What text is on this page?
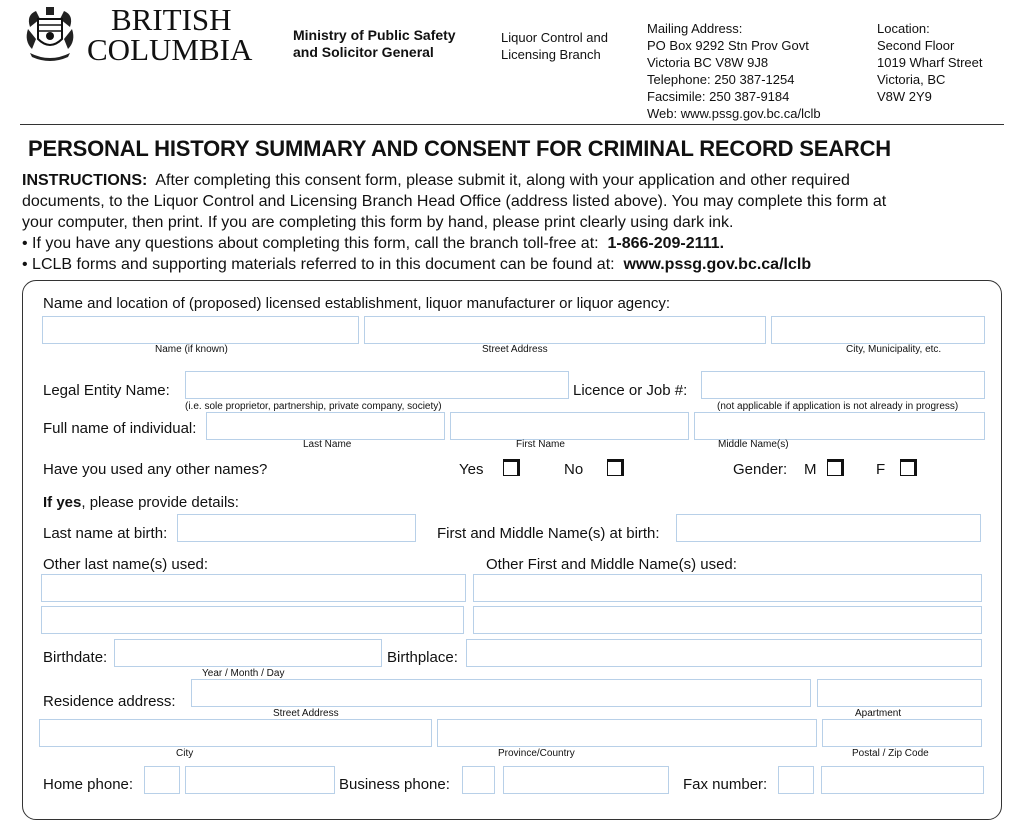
BRITISH
COLUMBIA	Ministry of Public Safety
and Solicitor General
Liquor Control and
Licensing Branch
Mailing Address:
PO Box 9292 Stn Prov Govt
Victoria BC V8W 9J8
Telephone: 250 387-1254
Facsimile: 250 387-9184
Web: www.pssg.gov.bc.ca/lclb
Location:
Second Floor
1019 Wharf Street
Victoria, BC
V8W 2Y9
PERSONAL HISTORY SUMMARY AND CONSENT FOR CRIMINAL RECORD SEARCH
INSTRUCTIONS: After completing this consent form, please submit it, along with your application and other required
documents, to the Liquor Control and Licensing Branch Head Office (address listed above). You may complete this form at
your computer, then print. If you are completing this form by hand, please print clearly using dark ink.
• If you have any questions about completing this form, call the branch toll-free at: 1-866-209-2111.
• LCLB forms and supporting materials referred to in this document can be found at: www.pssg.gov.bc.ca/lclb
Name and location of (proposed) licensed establishment, liquor manufacturer or liquor agency:
Name (if known)	Street Address	City, Municipality, etc.
Legal Entity Name:
(i.e. sole proprietor, partnership, private company, society)
Licence or Job #:
(not applicable if application is not already in progress)
Full name of individual:
Last Name	First Name	Middle Name(s)
Have you used any other names?	Yes	No	Gender: M	F
If yes, please provide details:
Last name at birth:	First and Middle Name(s) at birth:
Other last name(s) used:	Other First and Middle Name(s) used:
Birthdate:
Year / Month / Day
Birthplace:
Residence address:
Street Address	Apartment
City	Province/Country	Postal / Zip Code
Home phone:	Business phone:	Fax number:
